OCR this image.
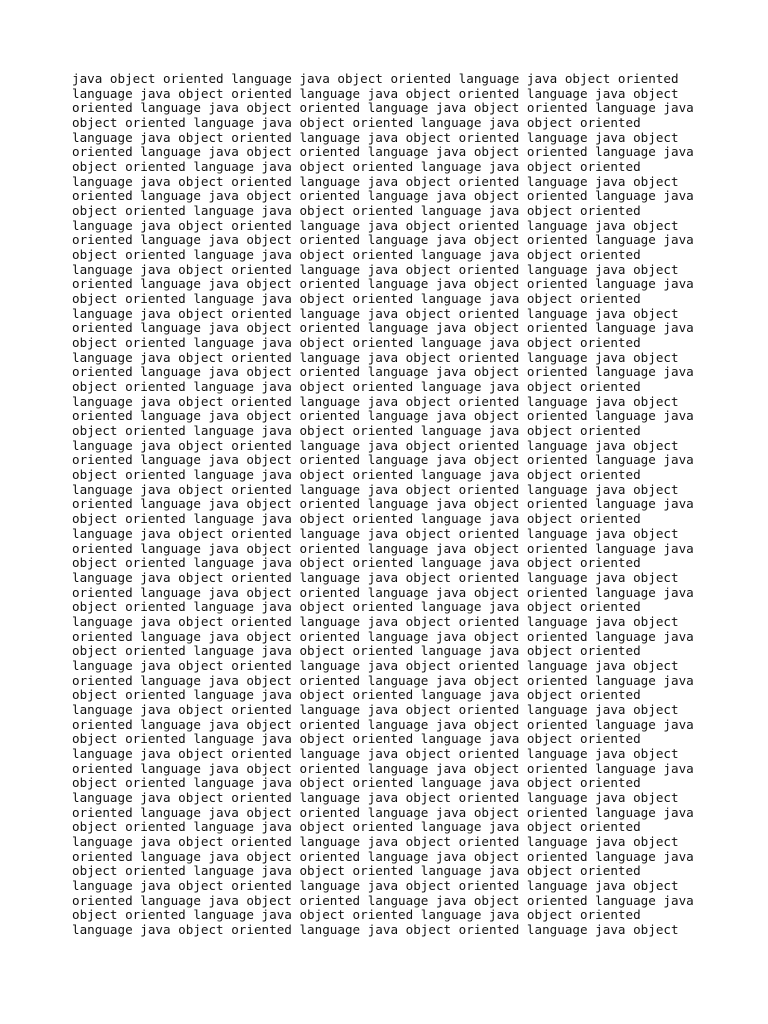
java object oriented language java object oriented language java object oriented
language java object oriented language java object oriented language java object
oriented language java object oriented language java object oriented language java
object oriented language java object oriented language java object oriented
language java object oriented language java object oriented language java object
oriented language java object oriented language java object oriented language java
object oriented language java object oriented language java object oriented
language java object oriented language java object oriented language java object
oriented language java object oriented language java object oriented language java
object oriented language java object oriented language java object oriented
language java object oriented language java object oriented language java object
oriented language java object oriented language java object oriented language java
object oriented language java object oriented language java object oriented
language java object oriented language java object oriented language java object
oriented language java object oriented language java object oriented language java
object oriented language java object oriented language java object oriented
language java object oriented language java object oriented language java object
oriented language java object oriented language java object oriented language java
object oriented language java object oriented language java object oriented
language java object oriented language java object oriented language java object
oriented language java object oriented language java object oriented language java
object oriented language java object oriented language java object oriented
language java object oriented language java object oriented language java object
oriented language java object oriented language java object oriented language java
object oriented language java object oriented language java object oriented
language java object oriented language java object oriented language java object
oriented language java object oriented language java object oriented language java
object oriented language java object oriented language java object oriented
language java object oriented language java object oriented language java object
oriented language java object oriented language java object oriented language java
object oriented language java object oriented language java object oriented
language java object oriented language java object oriented language java object
oriented language java object oriented language java object oriented language java
object oriented language java object oriented language java object oriented
language java object oriented language java object oriented language java object
oriented language java object oriented language java object oriented language java
object oriented language java object oriented language java object oriented
language java object oriented language java object oriented language java object
oriented language java object oriented language java object oriented language java
object oriented language java object oriented language java object oriented
language java object oriented language java object oriented language java object
oriented language java object oriented language java object oriented language java
object oriented language java object oriented language java object oriented
language java object oriented language java object oriented language java object
oriented language java object oriented language java object oriented language java
object oriented language java object oriented language java object oriented
language java object oriented language java object oriented language java object
oriented language java object oriented language java object oriented language java
object oriented language java object oriented language java object oriented
language java object oriented language java object oriented language java object
oriented language java object oriented language java object oriented language java
object oriented language java object oriented language java object oriented
language java object oriented language java object oriented language java object
oriented language java object oriented language java object oriented language java
object oriented language java object oriented language java object oriented
language java object oriented language java object oriented language java object
oriented language java object oriented language java object oriented language java
object oriented language java object oriented language java object oriented
language java object oriented language java object oriented language java object
